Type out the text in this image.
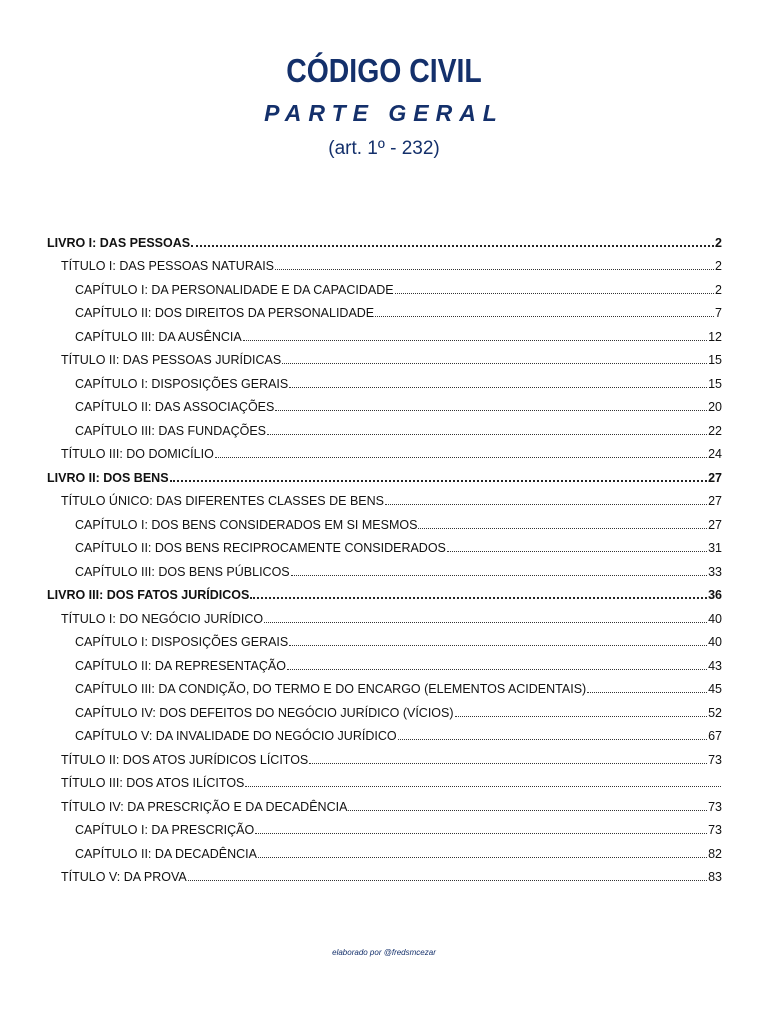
CÓDIGO CIVIL
PARTE GERAL
(art. 1º - 232)
LIVRO I: DAS PESSOAS	2
TÍTULO I: DAS PESSOAS NATURAIS	2
CAPÍTULO I: DA PERSONALIDADE E DA CAPACIDADE	2
CAPÍTULO II: DOS DIREITOS DA PERSONALIDADE	7
CAPÍTULO III: DA AUSÊNCIA	12
TÍTULO II: DAS PESSOAS JURÍDICAS	15
CAPÍTULO I: DISPOSIÇÕES GERAIS	15
CAPÍTULO II: DAS ASSOCIAÇÕES	20
CAPÍTULO III: DAS FUNDAÇÕES	22
TÍTULO III: DO DOMICÍLIO	24
LIVRO II: DOS BENS	27
TÍTULO ÚNICO: DAS DIFERENTES CLASSES DE BENS	27
CAPÍTULO I: DOS BENS CONSIDERADOS EM SI MESMOS	27
CAPÍTULO II: DOS BENS RECIPROCAMENTE CONSIDERADOS	31
CAPÍTULO III: DOS BENS PÚBLICOS	33
LIVRO III: DOS FATOS JURÍDICOS	36
TÍTULO I: DO NEGÓCIO JURÍDICO	40
CAPÍTULO I: DISPOSIÇÕES GERAIS	40
CAPÍTULO II: DA REPRESENTAÇÃO	43
CAPÍTULO III: DA CONDIÇÃO, DO TERMO E DO ENCARGO (ELEMENTOS ACIDENTAIS)	45
CAPÍTULO IV: DOS DEFEITOS DO NEGÓCIO JURÍDICO (VÍCIOS)	52
CAPÍTULO V: DA INVALIDADE DO NEGÓCIO JURÍDICO	67
TÍTULO II: DOS ATOS JURÍDICOS LÍCITOS	73
TÍTULO III: DOS ATOS ILÍCITOS
TÍTULO IV: DA PRESCRIÇÃO E DA DECADÊNCIA	73
CAPÍTULO I: DA PRESCRIÇÃO	73
CAPÍTULO II: DA DECADÊNCIA	82
TÍTULO V: DA PROVA	83
elaborado por @fredsmcezar
